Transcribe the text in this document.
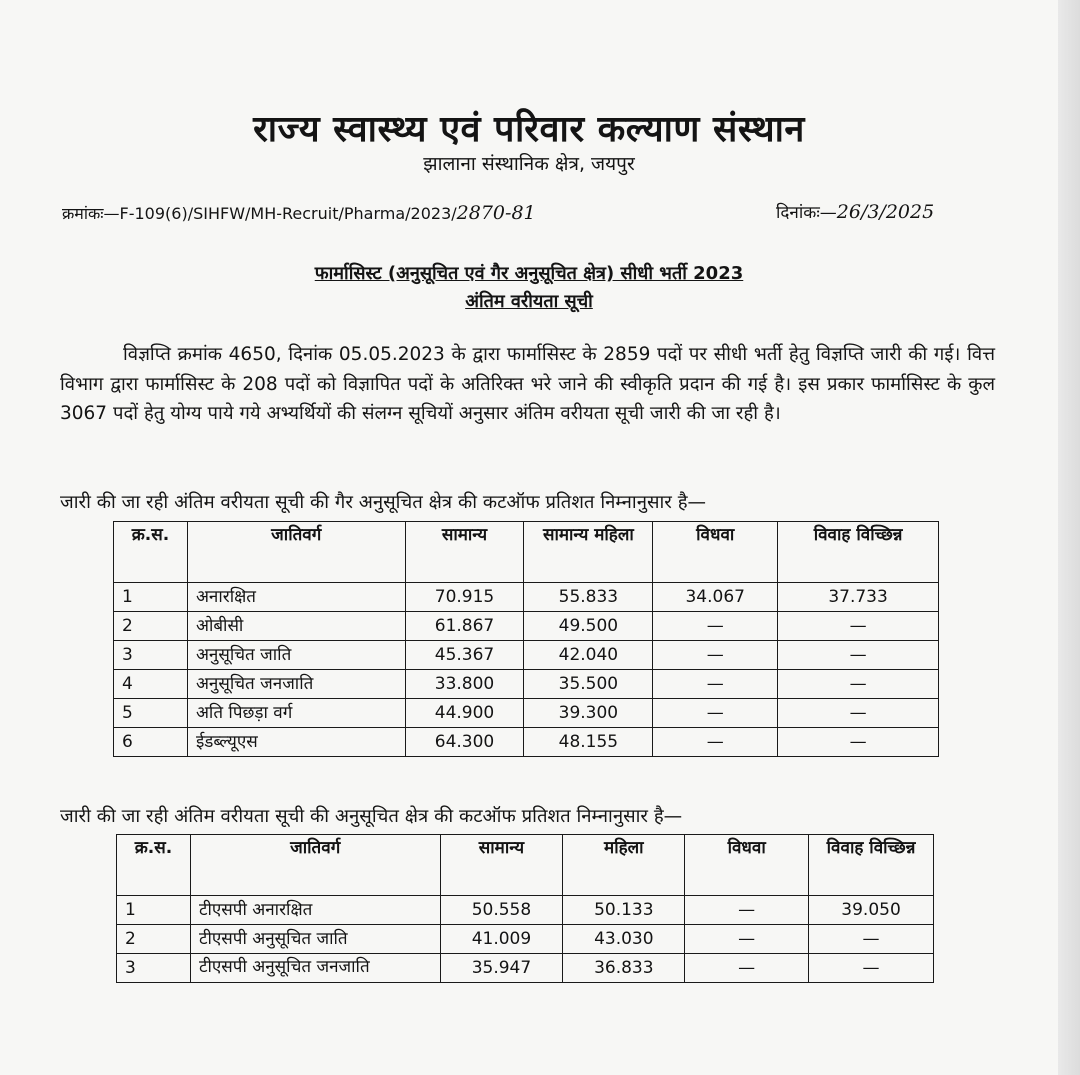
राज्य स्वास्थ्य एवं परिवार कल्याण संस्थान
झालाना संस्थानिक क्षेत्र, जयपुर
क्रमांकः—F-109(6)/SIHFW/MH-Recruit/Pharma/2023/2870-81	दिनांकः—26/3/2025
फार्मासिस्ट (अनुसूचित एवं गैर अनुसूचित क्षेत्र) सीधी भर्ती 2023
अंतिम वरीयता सूची
विज्ञप्ति क्रमांक 4650, दिनांक 05.05.2023 के द्वारा फार्मासिस्ट के 2859 पदों पर सीधी भर्ती हेतु विज्ञप्ति जारी की गई। वित्त विभाग द्वारा फार्मासिस्ट के 208 पदों को विज्ञापित पदों के अतिरिक्त भरे जाने की स्वीकृति प्रदान की गई है। इस प्रकार फार्मासिस्ट के कुल 3067 पदों हेतु योग्य पाये गये अभ्यर्थियों की संलग्न सूचियों अनुसार अंतिम वरीयता सूची जारी की जा रही है।
जारी की जा रही अंतिम वरीयता सूची की गैर अनुसूचित क्षेत्र की कटऑफ प्रतिशत निम्नानुसार है—
क्र.स.	जातिवर्ग	सामान्य	सामान्य महिला	विधवा	विवाह विच्छिन्न
1	अनारक्षित	70.915	55.833	34.067	37.733
2	ओबीसी	61.867	49.500	—	—
3	अनुसूचित जाति	45.367	42.040	—	—
4	अनुसूचित जनजाति	33.800	35.500	—	—
5	अति पिछड़ा वर्ग	44.900	39.300	—	—
6	ईडब्ल्यूएस	64.300	48.155	—	—
जारी की जा रही अंतिम वरीयता सूची की अनुसूचित क्षेत्र की कटऑफ प्रतिशत निम्नानुसार है—
क्र.स.	जातिवर्ग	सामान्य	महिला	विधवा	विवाह विच्छिन्न
1	टीएसपी अनारक्षित	50.558	50.133	—	39.050
2	टीएसपी अनुसूचित जाति	41.009	43.030	—	—
3	टीएसपी अनुसूचित जनजाति	35.947	36.833	—	—
